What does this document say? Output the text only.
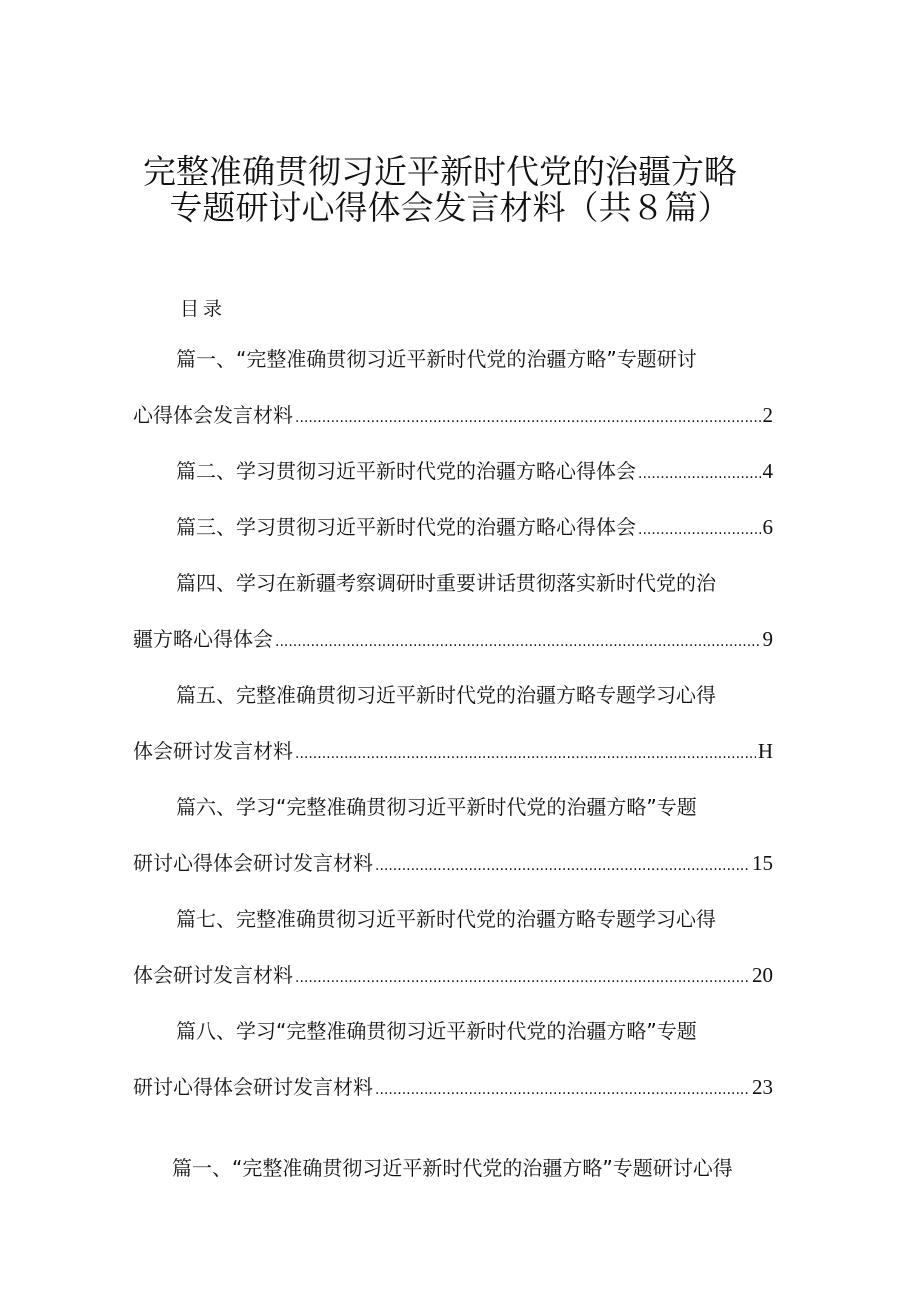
完整准确贯彻习近平新时代党的治疆方略
专题研讨心得体会发言材料（共８篇）
目录
篇一、“完整准确贯彻习近平新时代党的治疆方略”专题研讨
心得体会发言材料 .....	2
篇二、学习贯彻习近平新时代党的治疆方略心得体会 .....	4
篇三、学习贯彻习近平新时代党的治疆方略心得体会 .....	6
篇四、学习在新疆考察调研时重要讲话贯彻落实新时代党的治
疆方略心得体会 .....	9
篇五、完整准确贯彻习近平新时代党的治疆方略专题学习心得
体会研讨发言材料 .....	H
篇六、学习“完整准确贯彻习近平新时代党的治疆方略”专题
研讨心得体会研讨发言材料 .....	15
篇七、完整准确贯彻习近平新时代党的治疆方略专题学习心得
体会研讨发言材料 .....	20
篇八、学习“完整准确贯彻习近平新时代党的治疆方略”专题
研讨心得体会研讨发言材料 .....	23
篇一、“完整准确贯彻习近平新时代党的治疆方略”专题研讨心得
